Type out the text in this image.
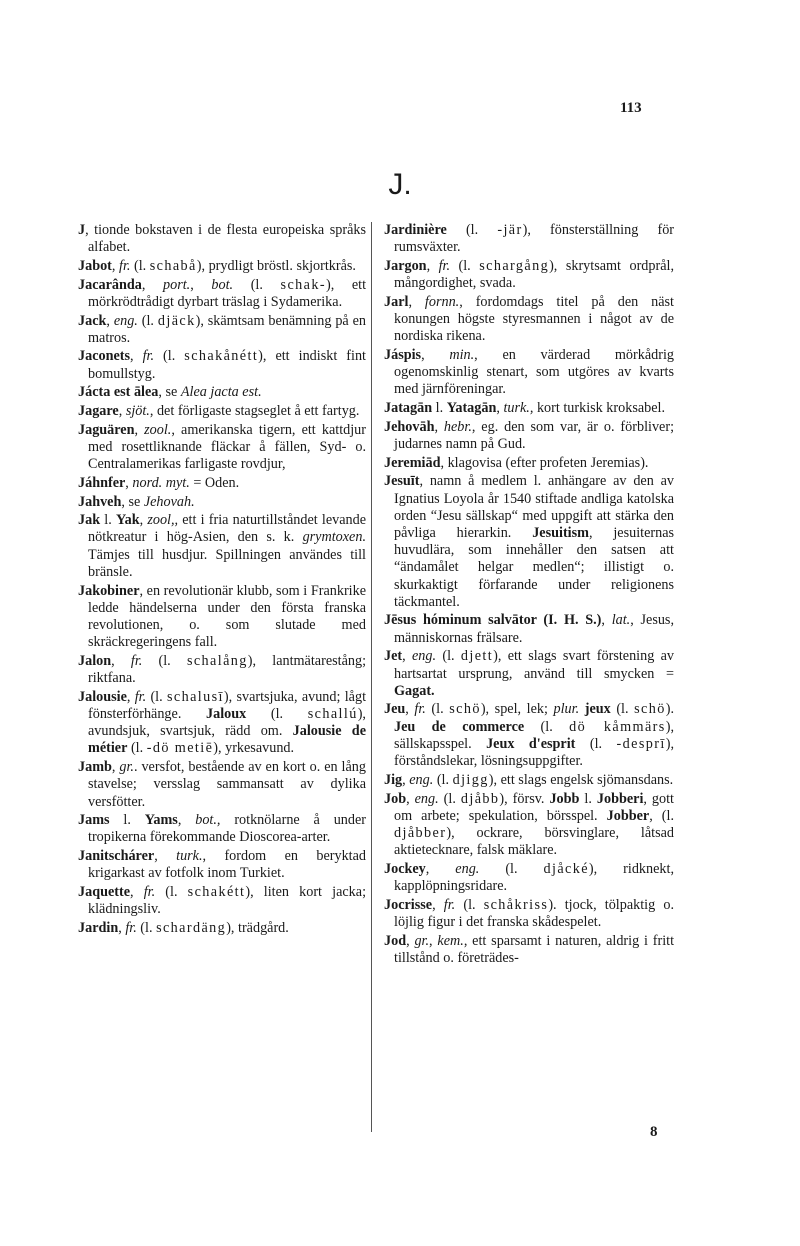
113
J.

J, tionde bokstaven i de flesta europeiska språks alfabet.

Jabot, fr. (l. schabå), prydligt bröstl. skjortkrås.

Jacarânda, port., bot. (l. schak-), ett mörkrödtrådigt dyrbart träslag i Sydamerika.

Jack, eng. (l. djäck), skämtsam benämning på en matros.

Jaconets, fr. (l. schakånétt), ett indiskt fint bomullstyg.

Jácta est ālea, se Alea jacta est.

Jagare, sjöt., det förligaste stagseglet å ett fartyg.

Jaguären, zool., amerikanska tigern, ett kattdjur med rosettliknande fläckar å fällen, Syd- o. Centralamerikas farligaste rovdjur,

Jáhnfer, nord. myt. = Oden.

Jahveh, se Jehovah.

Jak l. Yak, zool,, ett i fria naturtillståndet levande nötkreatur i hög-Asien, den s. k. grymtoxen. Tämjes till husdjur. Spillningen användes till bränsle.

Jakobiner, en revolutionär klubb, som i Frankrike ledde händelserna under den första franska revolutionen, o. som slutade med skräckregeringens fall.

Jalon, fr. (l. schalång), lantmätarestång; riktfana.

Jalousie, fr. (l. schalusī), svartsjuka, avund; lågt fönsterförhänge. Jaloux (l. schallú), avundsjuk, svartsjuk, rädd om. Jalousie de métier (l. -dö metiē), yrkesavund.

Jamb, gr.. versfot, bestående av en kort o. en lång stavelse; versslag sammansatt av dylika versfötter.

Jams l. Yams, bot., rotknölarne å under tropikerna förekommande Dioscorea-arter.

Janitschárer, turk., fordom en beryktad krigarkast av fotfolk inom Turkiet.

Jaquette, fr. (l. schakétt), liten kort jacka; klädningsliv.

Jardin, fr. (l. schardäng), trädgård.

Jardinière (l. -jär), fönsterställning för rumsväxter.

Jargon, fr. (l. schargång), skrytsamt ordprål, mångordighet, svada.

Jarl, fornn., fordomdags titel på den näst konungen högste styresmannen i något av de nordiska rikena.

Jáspis, min., en värderad mörkådrig ogenomskinlig stenart, som utgöres av kvarts med järnföreningar.

Jatagān l. Yatagān, turk., kort turkisk kroksabel.

Jehovāh, hebr., eg. den som var, är o. förbliver; judarnes namn på Gud.

Jeremiād, klagovisa (efter profeten Jeremias).

Jesuīt, namn å medlem l. anhängare av den av Ignatius Loyola år 1540 stiftade andliga katolska orden “Jesu sällskap“ med uppgift att stärka den påvliga hierarkin. Jesuitism, jesuiternas huvudlära, som innehåller den satsen att “ändamålet helgar medlen“; illistigt o. skurkaktigt förfarande under religionens täckmantel.

Jēsus hóminum salvātor (I. H. S.), lat., Jesus, människornas frälsare.

Jet, eng. (l. djett), ett slags svart förstening av hartsartat ursprung, använd till smycken = Gagat.

Jeu, fr. (l. schö), spel, lek; plur. jeux (l. schö). Jeu de commerce (l. dö kåmmärs), sällskapsspel. Jeux d'esprit (l. -desprī), förståndslekar, lösningsuppgifter.

Jig, eng. (l. djigg), ett slags engelsk sjömansdans.

Job, eng. (l. djåbb), försv. Jobb l. Jobberi, gott om arbete; spekulation, börsspel. Jobber, (l. djåbber), ockrare, börsvinglare, låtsad aktietecknare, falsk mäklare.

Jockey, eng. (l. djåcké), ridknekt, kapplöpningsridare.

Jocrisse, fr. (l. schåkriss). tjock, tölpaktig o. löjlig figur i det franska skådespelet.

Jod, gr., kem., ett sparsamt i naturen, aldrig i fritt tillstånd o. företrädes-

8
